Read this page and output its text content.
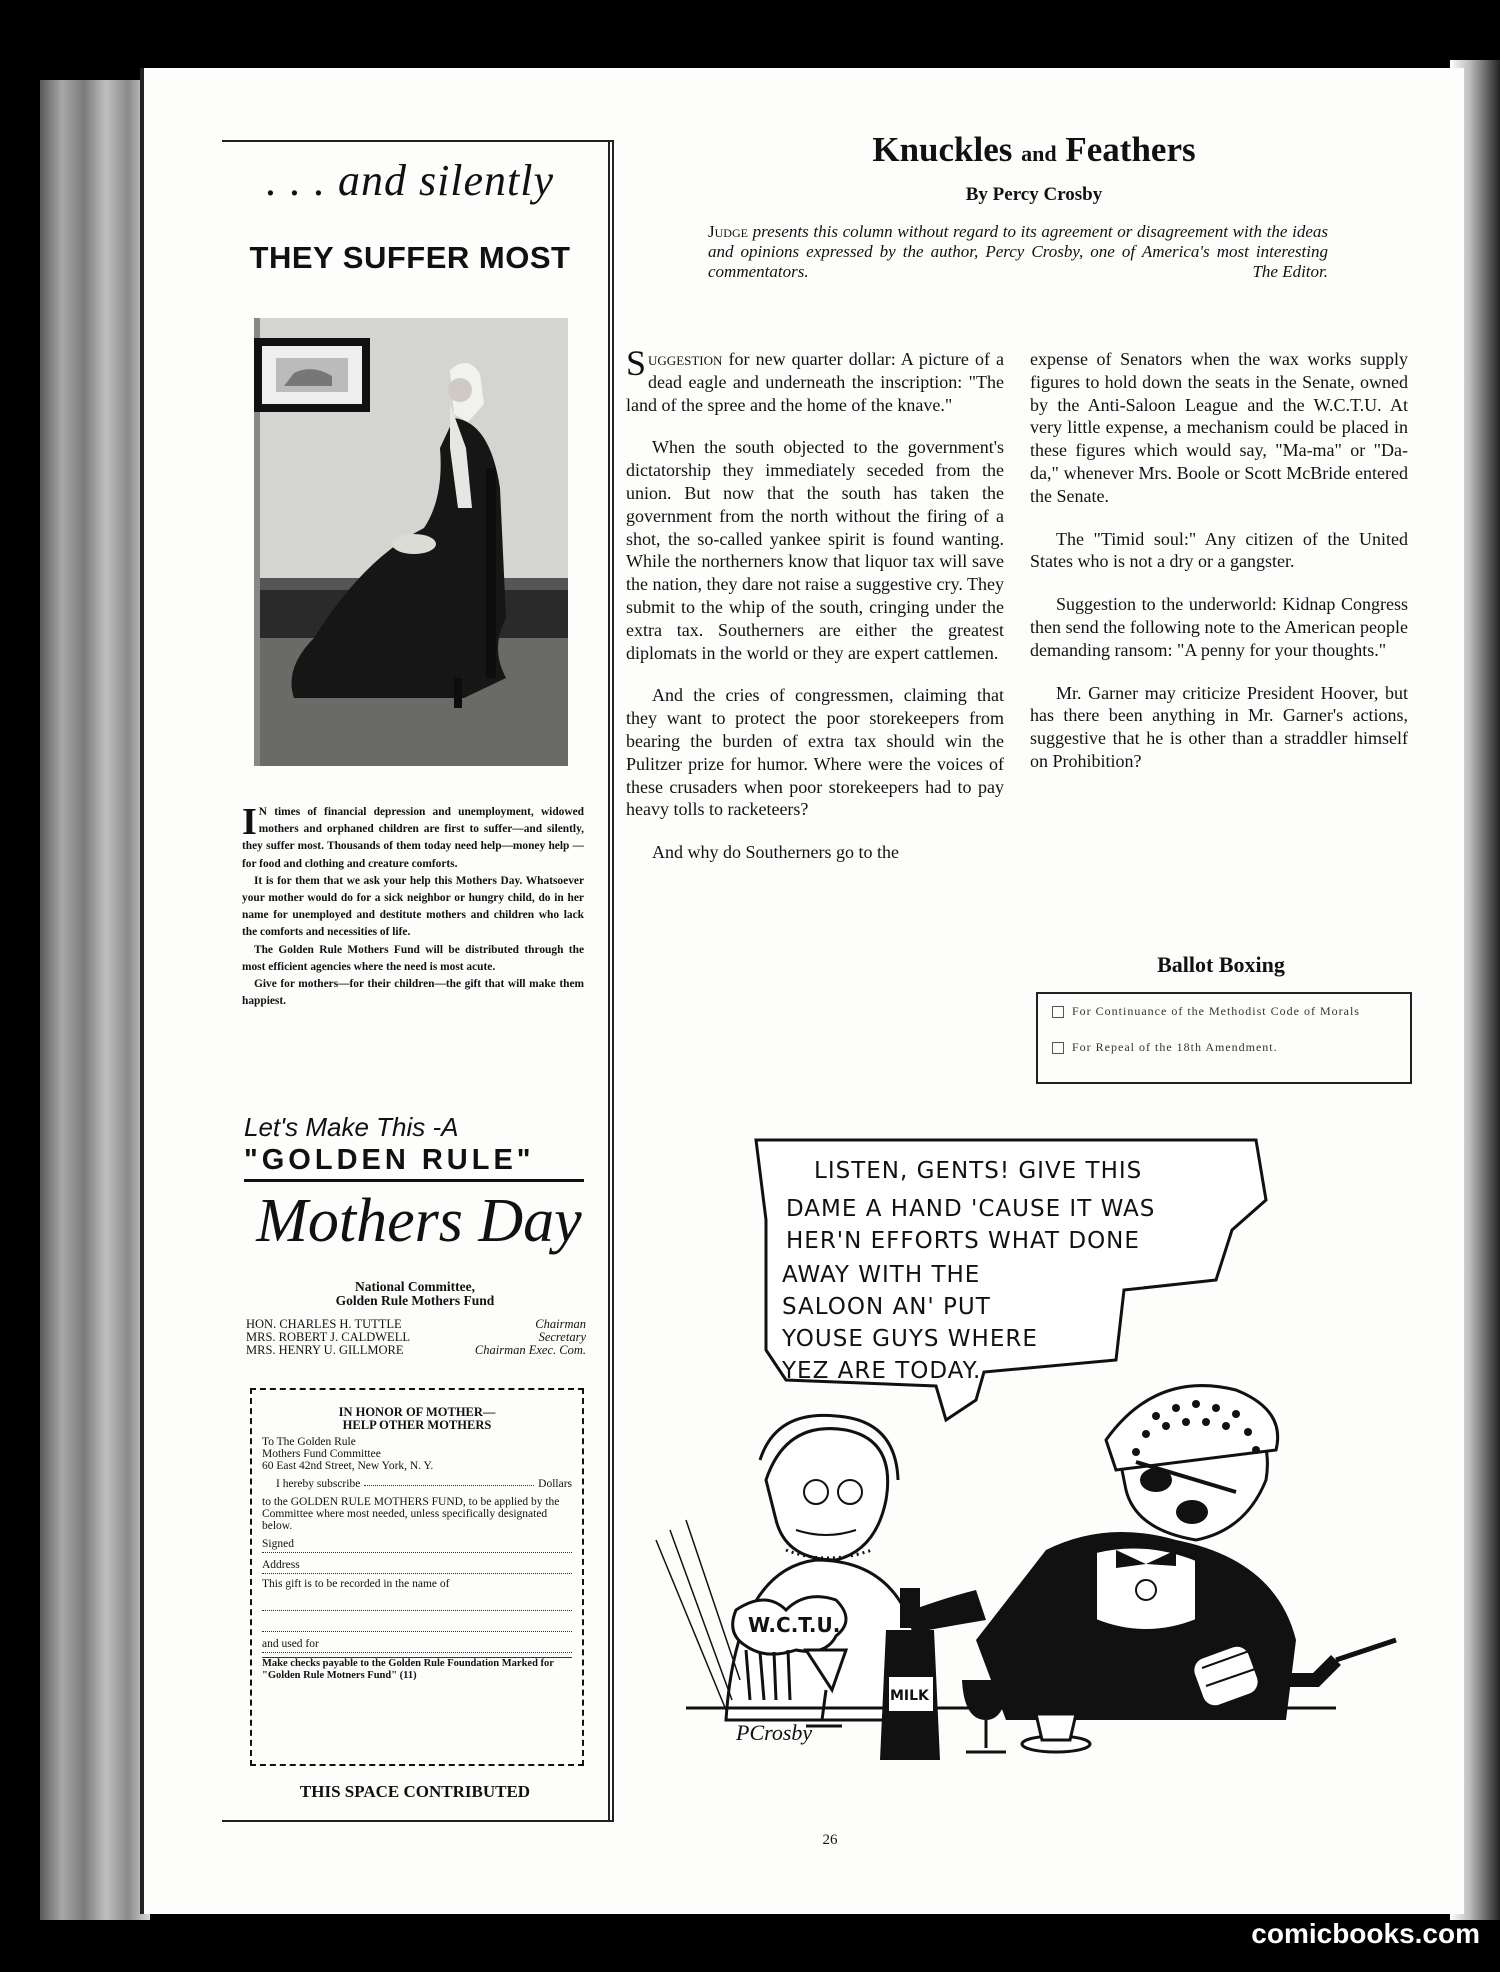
. . . and silently
THEY SUFFER MOST

I N times of financial depression and unemployment, widowed mothers and orphaned children are first to suffer—and silently, they suffer most. Thousands of them today need help—money help —for food and clothing and creature comforts.

It is for them that we ask your help this Mothers Day. Whatsoever your mother would do for a sick neighbor or hungry child, do in her name for unemployed and destitute mothers and children who lack the comforts and necessities of life.

The Golden Rule Mothers Fund will be distributed through the most efficient agencies where the need is most acute.

Give for mothers—for their children—the gift that will make them happiest.

Let's Make This -A
"GOLDEN RULE"
Mothers Day
National Committee,
Golden Rule Mothers Fund
HON. CHARLES H. TUTTLE	Chairman
MRS. ROBERT J. CALDWELL	Secretary
MRS. HENRY U. GILLMORE	Chairman Exec. Com.
IN HONOR OF MOTHER—
HELP OTHER MOTHERS
To The Golden Rule
Mothers Fund Committee
60 East 42nd Street, New York, N. Y.
I hereby subscribe	Dollars
to the GOLDEN RULE MOTHERS FUND, to be applied by the Committee where most needed, unless specifically designated below.
Signed
Address
This gift is to be recorded in the name of
and used for
Make checks payable to the Golden Rule Foundation Marked for "Golden Rule Motners Fund" (11)
THIS SPACE CONTRIBUTED
Knuckles and Feathers
By Percy Crosby
Judge presents this column without regard to its agreement or disagreement with the ideas and opinions expressed by the author, Percy Crosby, one of America's most interesting commentators.	The Editor.

Suggestion for new quarter dollar: A picture of a dead eagle and underneath the inscription: "The land of the spree and the home of the knave."

When the south objected to the government's dictatorship they immediately seceded from the union. But now that the south has taken the government from the north without the firing of a shot, the so-called yankee spirit is found wanting. While the northerners know that liquor tax will save the nation, they dare not raise a suggestive cry. They submit to the whip of the south, cringing under the extra tax. Southerners are either the greatest diplomats in the world or they are expert cattlemen.

And the cries of congressmen, claiming that they want to protect the poor storekeepers from bearing the burden of extra tax should win the Pulitzer prize for humor. Where were the voices of these crusaders when poor storekeepers had to pay heavy tolls to racketeers?

And why do Southerners go to the

expense of Senators when the wax works supply figures to hold down the seats in the Senate, owned by the Anti-Saloon League and the W.C.T.U. At very little expense, a mechanism could be placed in these figures which would say, "Ma-ma" or "Da-da," whenever Mrs. Boole or Scott McBride entered the Senate.

The "Timid soul:" Any citizen of the United States who is not a dry or a gangster.

Suggestion to the underworld: Kidnap Congress then send the following note to the American people demanding ransom: "A penny for your thoughts."

Mr. Garner may criticize President Hoover, but has there been anything in Mr. Garner's actions, suggestive that he is other than a straddler himself on Prohibition?

Ballot Boxing
For Continuance of the Methodist Code of Morals
For Repeal of the 18th Amendment.
LISTEN, GENTS! GIVE THIS
DAME A HAND 'CAUSE IT WAS
HER'N EFFORTS WHAT DONE
AWAY WITH THE
SALOON AN' PUT
YOUSE GUYS WHERE
YEZ ARE TODAY.
W.C.T.U.
MILK
PCrosby
26
comicbooks.com
